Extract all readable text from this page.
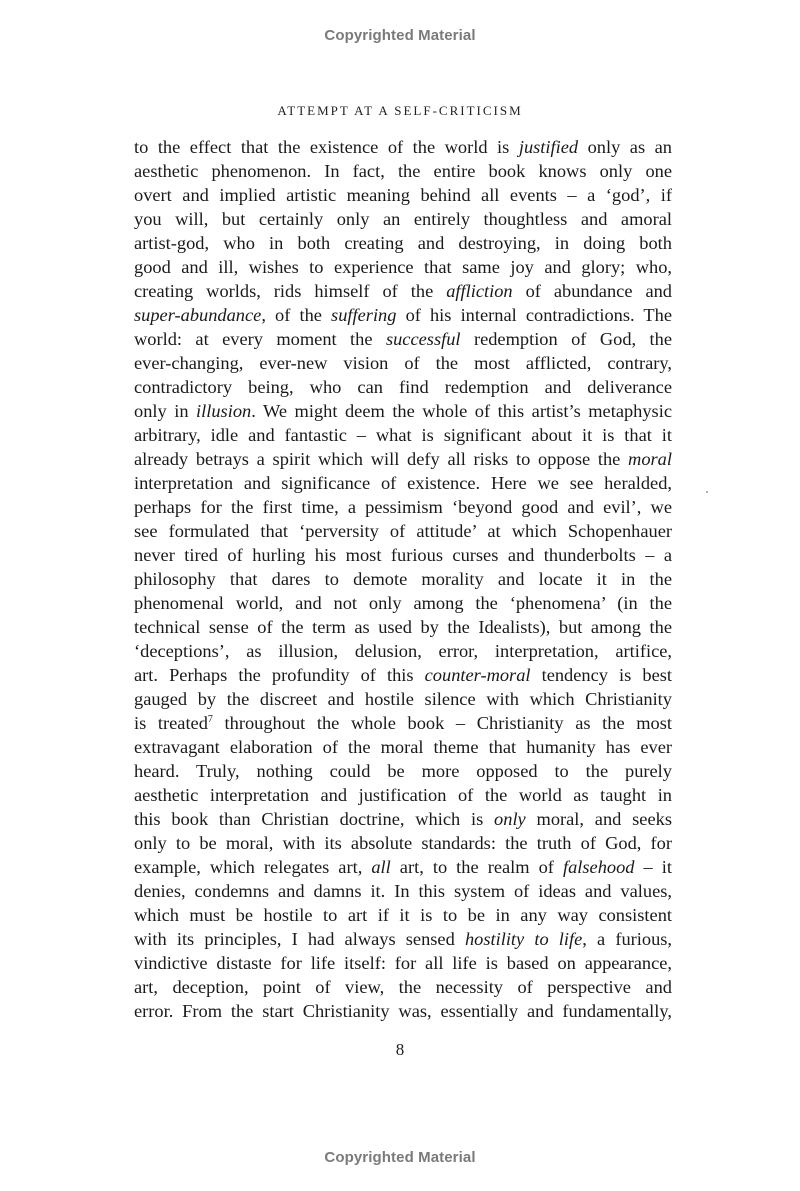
Copyrighted Material
ATTEMPT AT A SELF-CRITICISM
to the effect that the existence of the world is justified only as an
aesthetic phenomenon. In fact, the entire book knows only one
overt and implied artistic meaning behind all events – a ‘god’, if
you will, but certainly only an entirely thoughtless and amoral
artist-god, who in both creating and destroying, in doing both
good and ill, wishes to experience that same joy and glory; who,
creating worlds, rids himself of the affliction of abundance and
super-abundance, of the suffering of his internal contradictions. The
world: at every moment the successful redemption of God, the
ever-changing, ever-new vision of the most afflicted, contrary,
contradictory being, who can find redemption and deliverance
only in illusion. We might deem the whole of this artist’s metaphysic
arbitrary, idle and fantastic – what is significant about it is that it
already betrays a spirit which will defy all risks to oppose the moral
interpretation and significance of existence. Here we see heralded,
perhaps for the first time, a pessimism ‘beyond good and evil’, we
see formulated that ‘perversity of attitude’ at which Schopenhauer
never tired of hurling his most furious curses and thunderbolts – a
philosophy that dares to demote morality and locate it in the
phenomenal world, and not only among the ‘phenomena’ (in the
technical sense of the term as used by the Idealists), but among the
‘deceptions’, as illusion, delusion, error, interpretation, artifice,
art. Perhaps the profundity of this counter-moral tendency is best
gauged by the discreet and hostile silence with which Christianity
is treated$^7$ throughout the whole book – Christianity as the most
extravagant elaboration of the moral theme that humanity has ever
heard. Truly, nothing could be more opposed to the purely
aesthetic interpretation and justification of the world as taught in
this book than Christian doctrine, which is only moral, and seeks
only to be moral, with its absolute standards: the truth of God, for
example, which relegates art, all art, to the realm of falsehood – it
denies, condemns and damns it. In this system of ideas and values,
which must be hostile to art if it is to be in any way consistent
with its principles, I had always sensed hostility to life, a furious,
vindictive distaste for life itself: for all life is based on appearance,
art, deception, point of view, the necessity of perspective and
error. From the start Christianity was, essentially and fundamentally,
8
Copyrighted Material
